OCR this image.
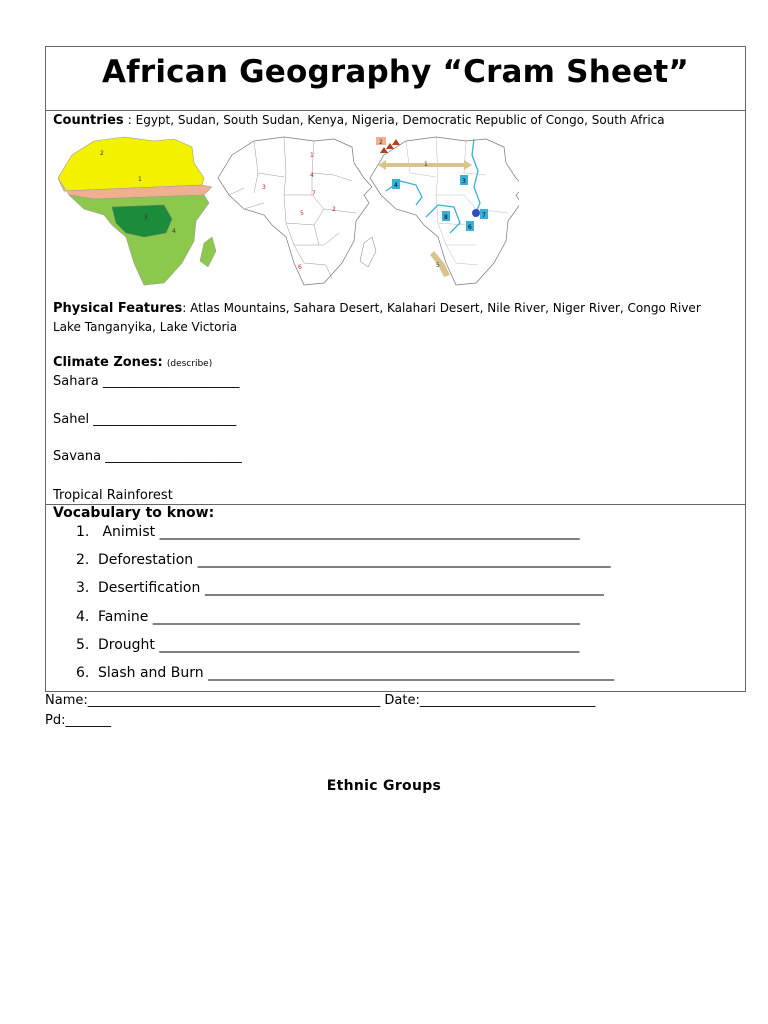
African Geography “Cram Sheet”
Countries : Egypt, Sudan, South Sudan, Kenya, Nigeria, Democratic Republic of Congo, South Africa
2
1
3
4
1
3
4
7
5
2
6
2
1
3
4
8	7
6
5
Physical Features: Atlas Mountains, Sahara Desert, Kalahari Desert, Nile River, Niger River, Congo River
Lake Tanganyika, Lake Victoria
Climate Zones: (describe)
Sahara _____________________
Sahel ______________________
Savana _____________________
Tropical Rainforest
Vocabulary to know:
1. Animist ____________________________________________________________
2. Deforestation ___________________________________________________________
3. Desertification _________________________________________________________
4. Famine _____________________________________________________________
5. Drought ____________________________________________________________
6. Slash and Burn __________________________________________________________
Name:_____________________________________________ Date:___________________________
Pd:_______
Ethnic Groups
